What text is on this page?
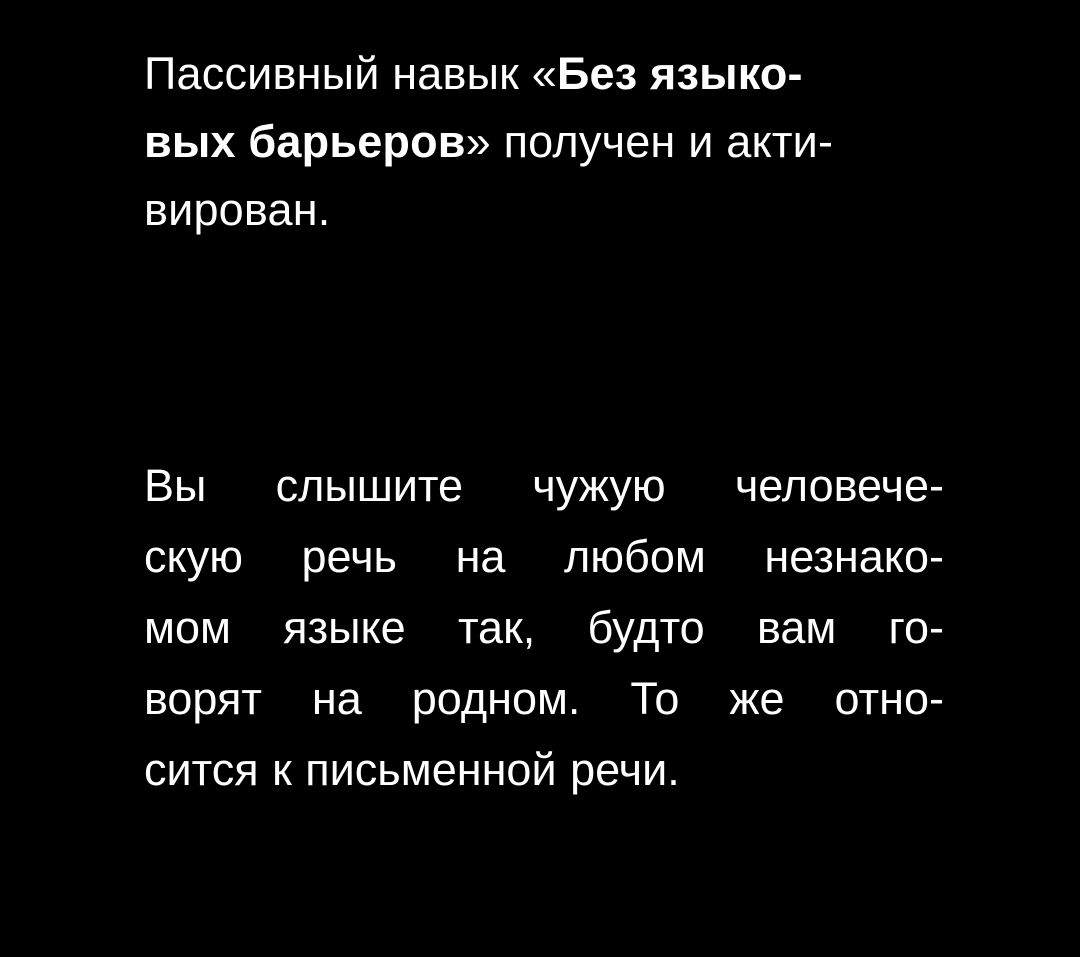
Пассивный навык «Без языко-
вых барьеров» получен и акти-
вирован.
Вы слышите чужую человече-
скую речь на любом незнако-
мом языке так, будто вам го-
ворят на родном. То же отно-
сится к письменной речи.
